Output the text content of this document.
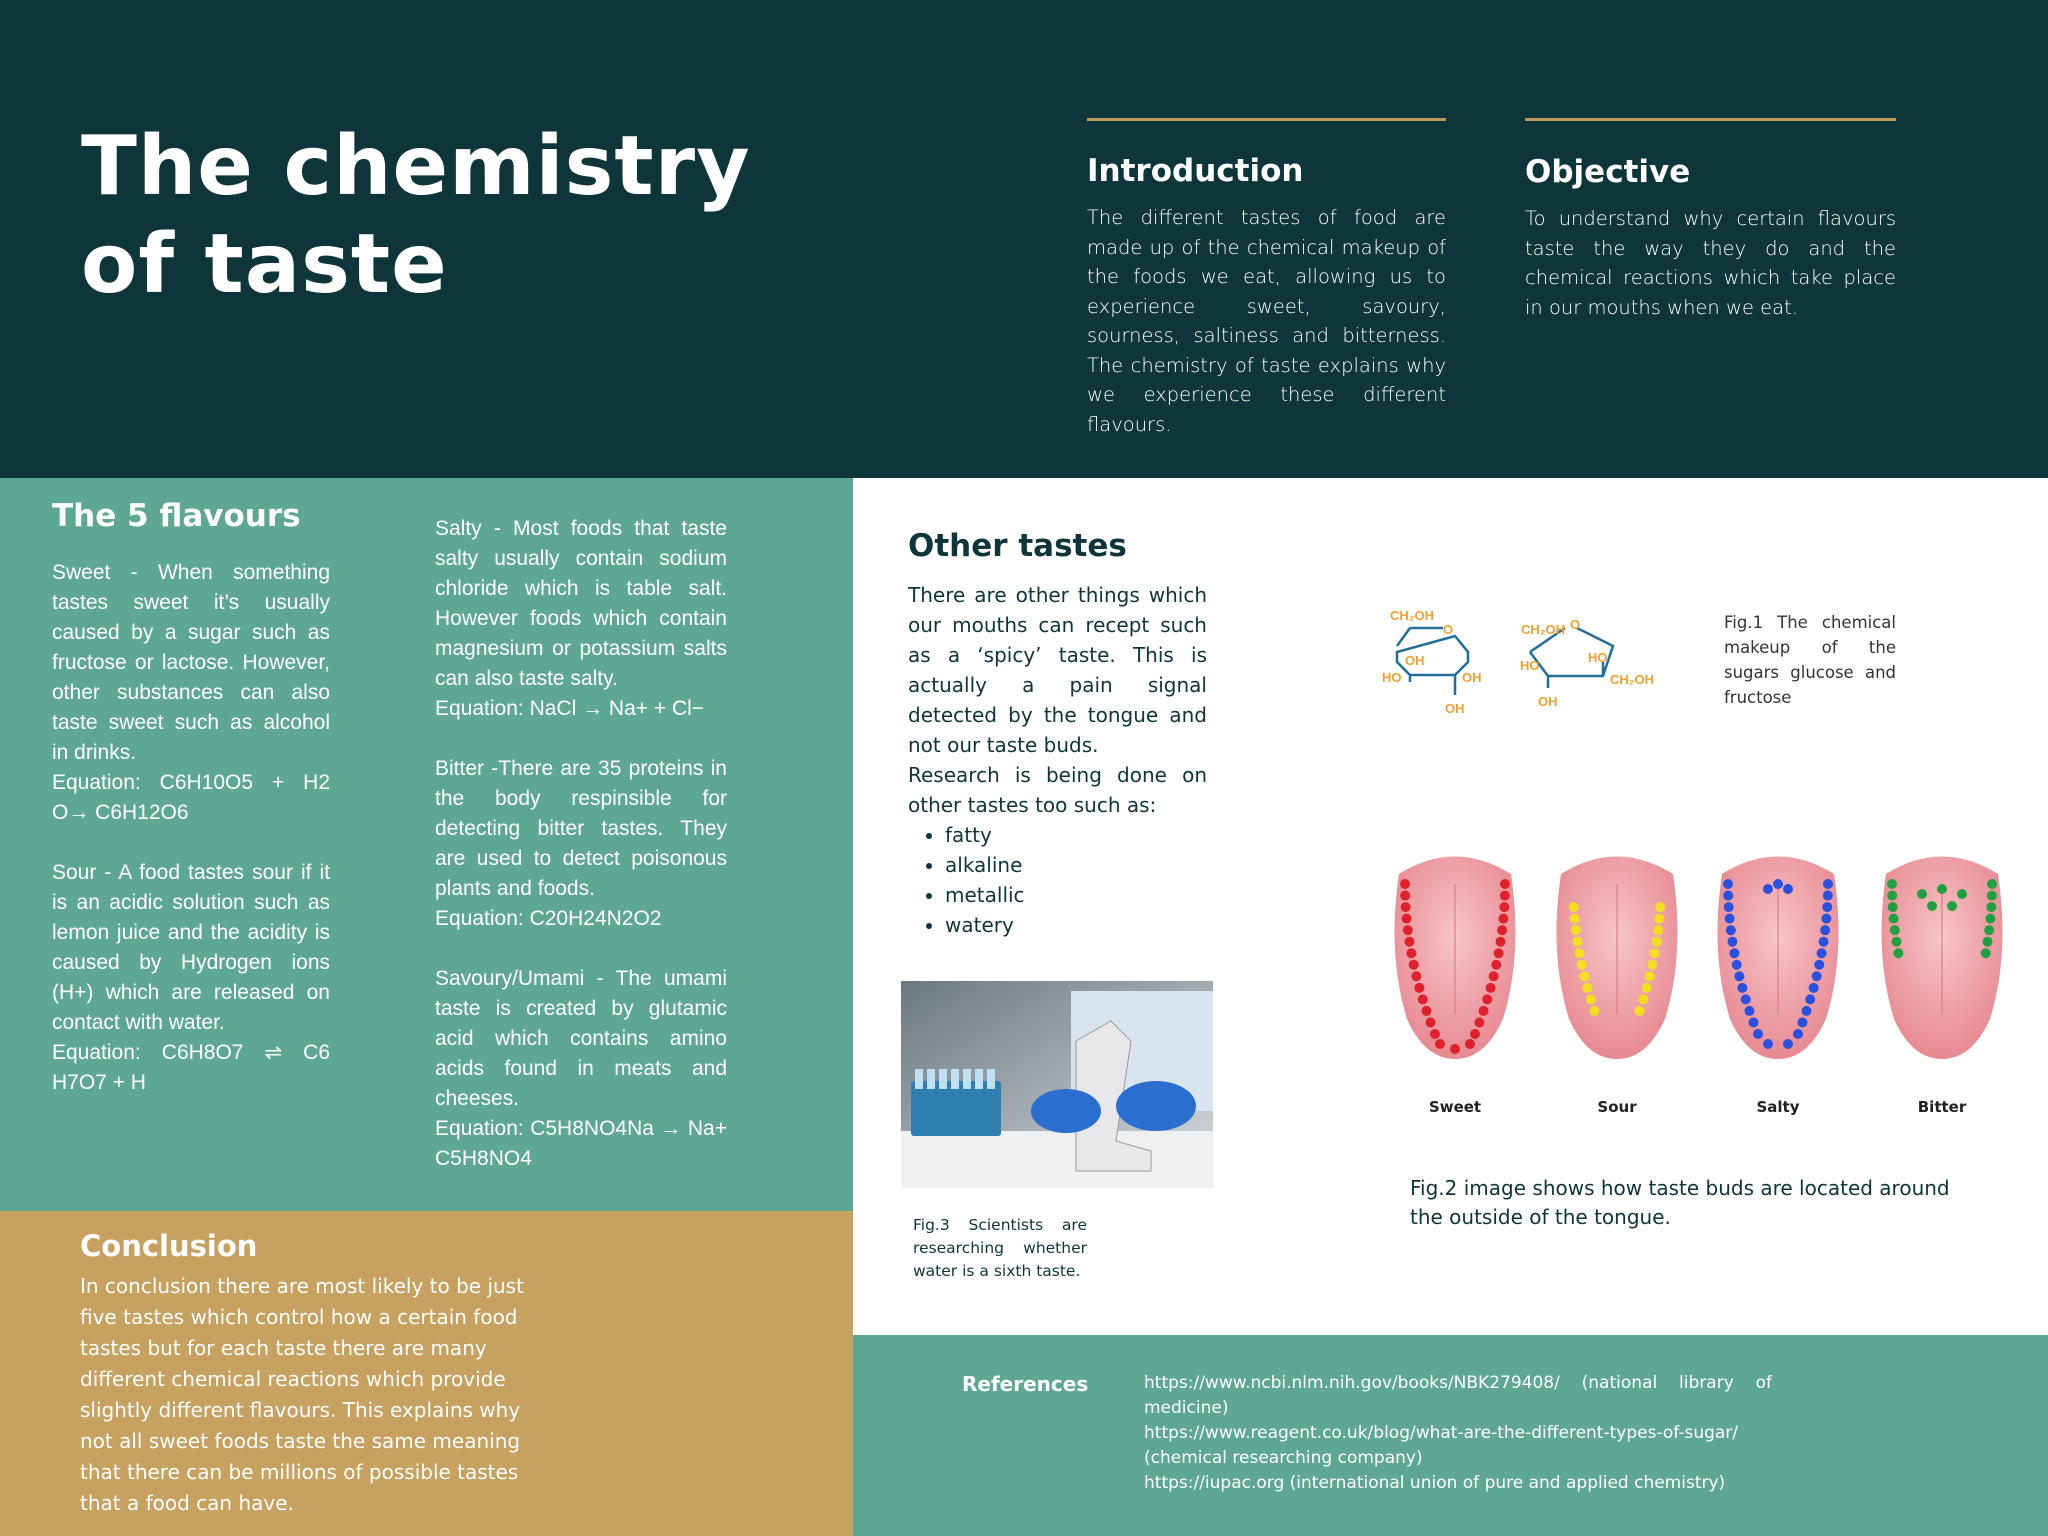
The chemistry
of taste
Introduction

The different tastes of food are made up of the chemical makeup of the foods we eat, allowing us to experience sweet, savoury, sourness, saltiness and bitterness. The chemistry of taste explains why we experience these different flavours.

Objective

To understand why certain flavours taste the way they do and the chemical reactions which take place in our mouths when we eat.

The 5 flavours

Sweet - When something tastes sweet it’s usually caused by a sugar such as fructose or lactose. However, other substances can also taste sweet such as alcohol in drinks.

Equation: C6H10O5 + H2 O→ C6H12O6

Sour - A food tastes sour if it is an acidic solution such as lemon juice and the acidity is caused by Hydrogen ions (H+) which are released on contact with water.

Equation: C6H8O7 ⇌ C6 H7O7 + H

Salty - Most foods that taste salty usually contain sodium chloride which is table salt. However foods which contain magnesium or potassium salts can also taste salty.

Equation: NaCl → Na+ + Cl−

Bitter -There are 35 proteins in the body respinsible for detecting bitter tastes. They are used to detect poisonous plants and foods.

Equation: C20H24N2O2

Savoury/Umami - The umami taste is created by glutamic acid which contains amino acids found in meats and cheeses.

Equation: C5H8NO4Na → Na+ C5H8NO4

Conclusion

In conclusion there are most likely to be just five tastes which control how a certain food tastes but for each taste there are many different chemical reactions which provide slightly different flavours. This explains why not all sweet foods taste the same meaning that there can be millions of possible tastes that a food can have.

Other tastes

There are other things which our mouths can recept such as a ‘spicy’ taste. This is actually a pain signal detected by the tongue and not our taste buds.

Research is being done on other tastes too such as:

• fatty
• alkaline
• metallic
• watery

Fig.3 Scientists are researching whether water is a sixth taste.

CH₂OH
O
OH
HO	OH
OH
CH₂OH O
HO
HO
CH₂OH
OH

Fig.1 The chemical makeup of the sugars glucose and fructose

Sweet	Sour	Salty	Bitter

Fig.2 image shows how taste buds are located around the outside of the tongue.

References	https://www.ncbi.nlm.nih.gov/books/NBK279408/ (national library of medicine)

https://www.reagent.co.uk/blog/what-are-the-different-types-of-sugar/ (chemical researching company)

https://iupac.org (international union of pure and applied chemistry)
